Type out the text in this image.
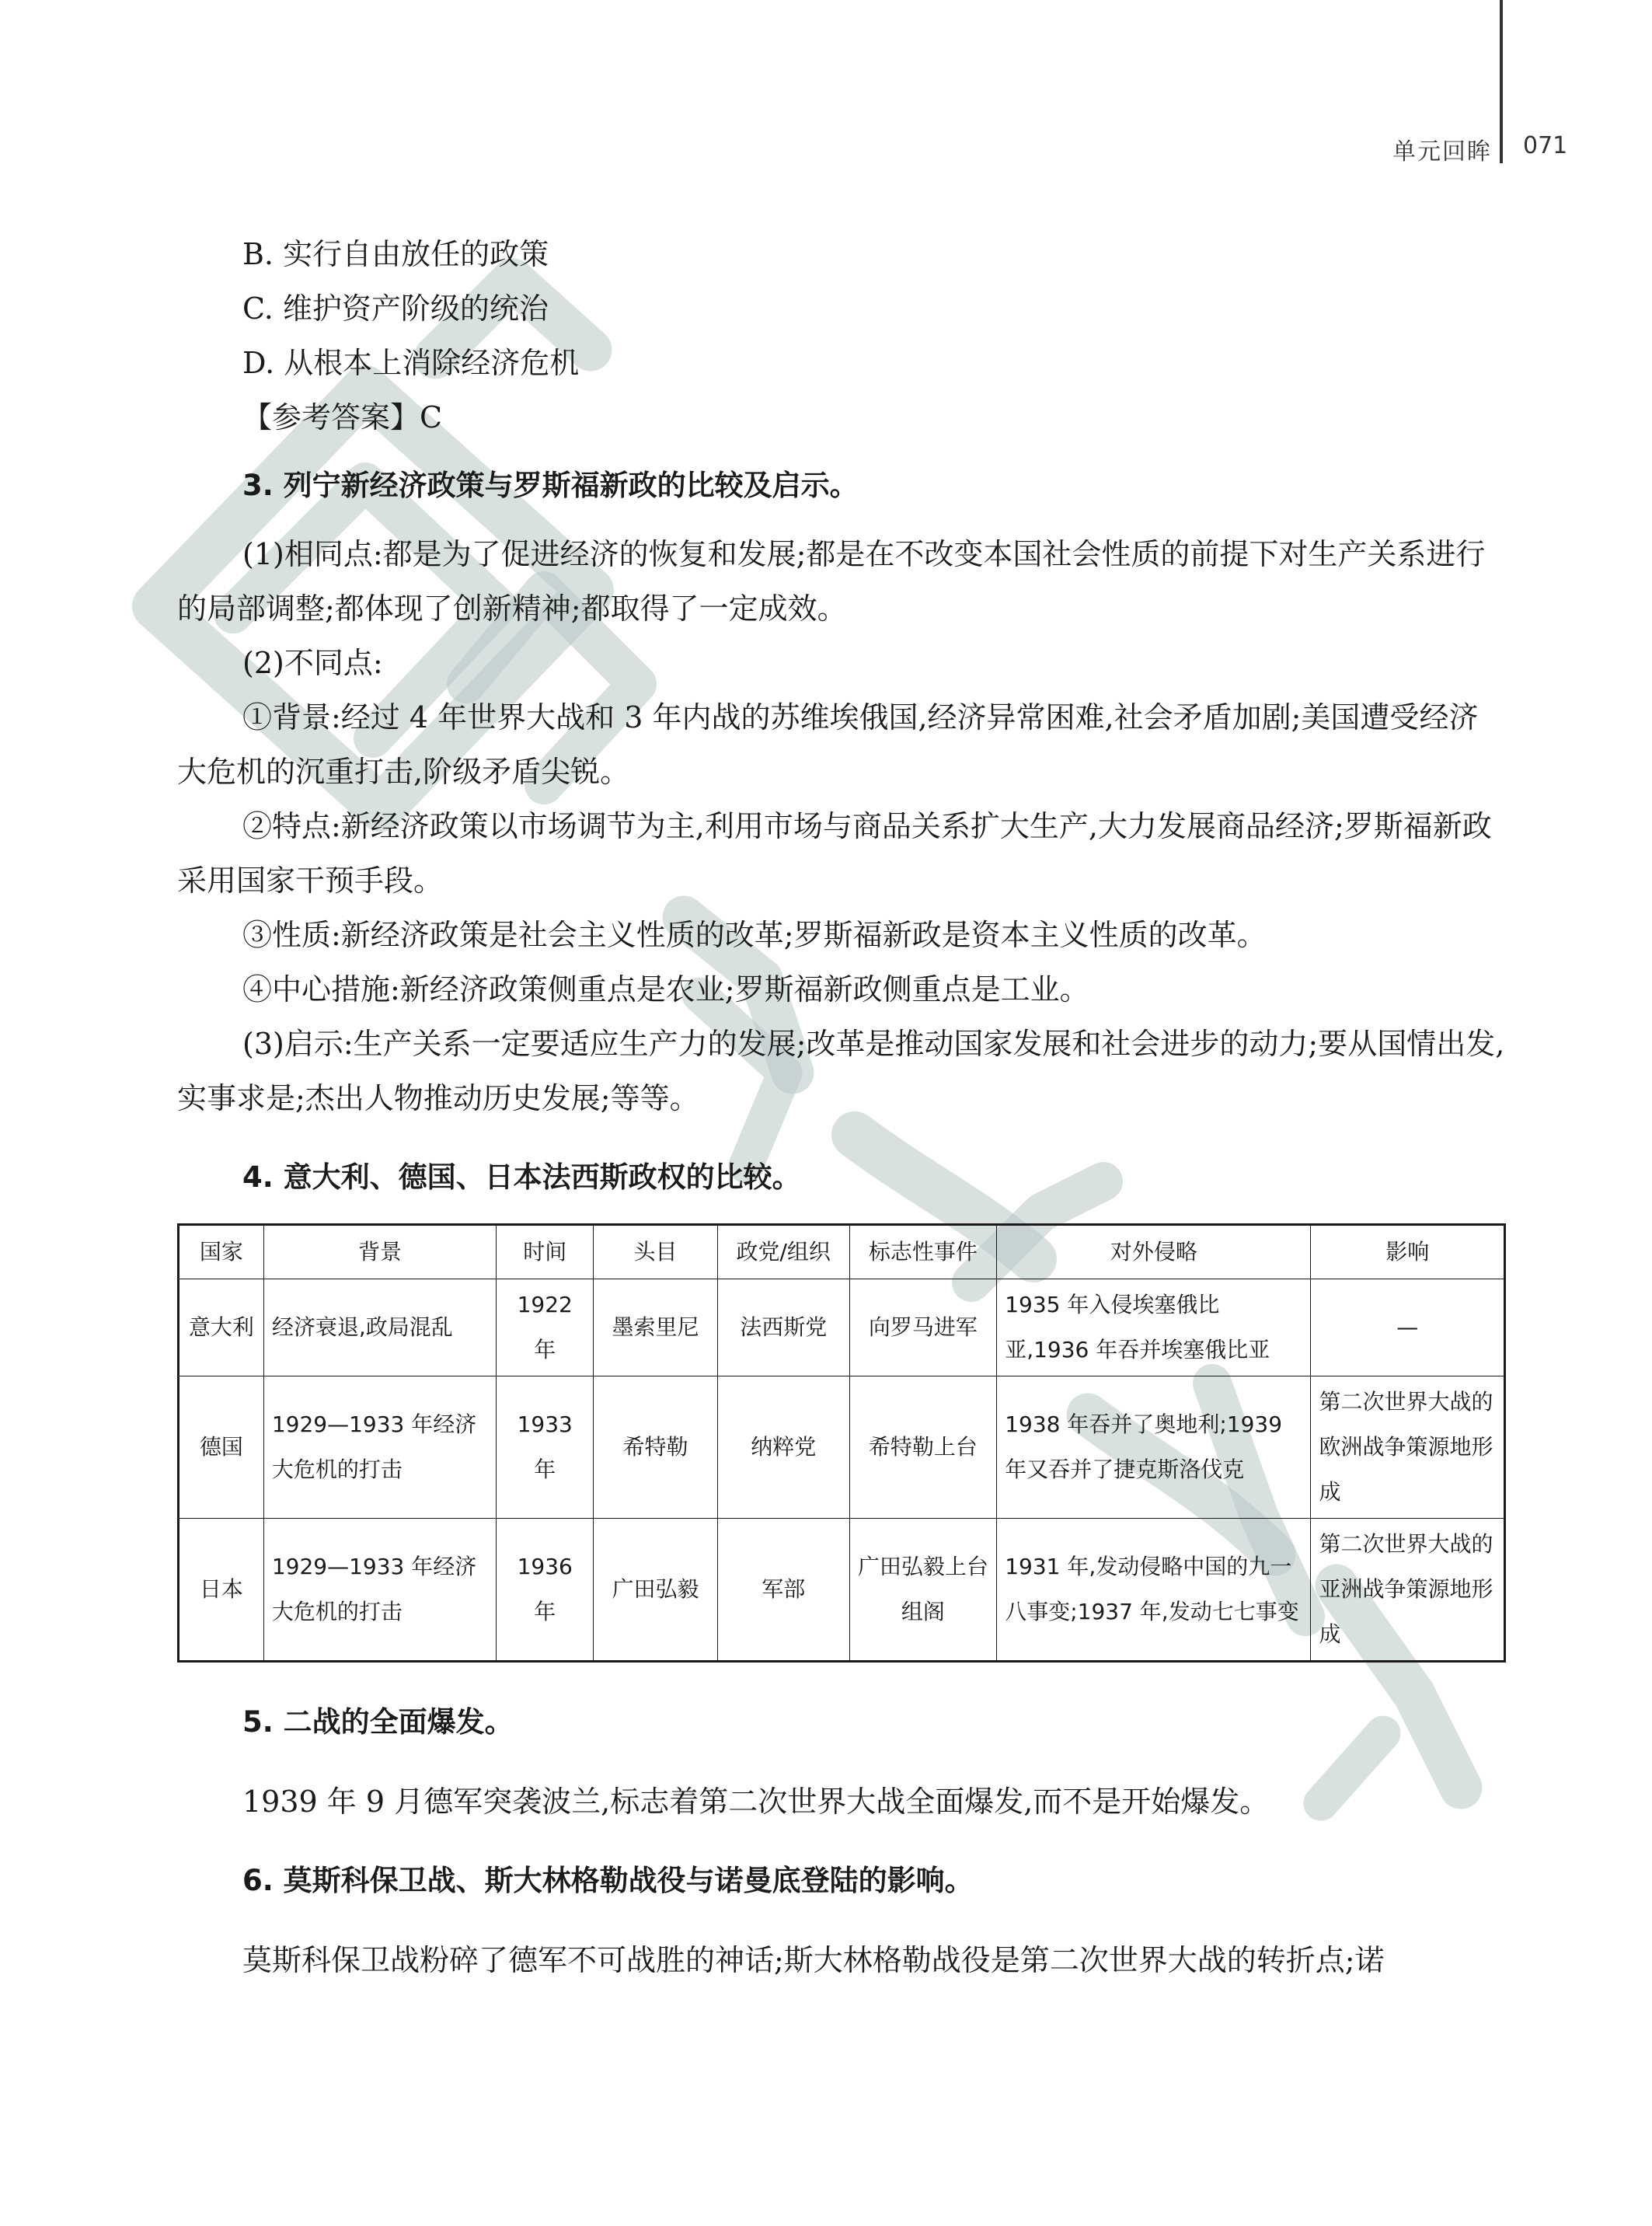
单元回眸 071
B. 实行自由放任的政策
C. 维护资产阶级的统治
D. 从根本上消除经济危机
【参考答案】C
3. 列宁新经济政策与罗斯福新政的比较及启示。
(1)相同点:都是为了促进经济的恢复和发展;都是在不改变本国社会性质的前提下对生产关系进行的局部调整;都体现了创新精神;都取得了一定成效。
(2)不同点:
①背景:经过 4 年世界大战和 3 年内战的苏维埃俄国,经济异常困难,社会矛盾加剧;美国遭受经济大危机的沉重打击,阶级矛盾尖锐。
②特点:新经济政策以市场调节为主,利用市场与商品关系扩大生产,大力发展商品经济;罗斯福新政采用国家干预手段。
③性质:新经济政策是社会主义性质的改革;罗斯福新政是资本主义性质的改革。
④中心措施:新经济政策侧重点是农业;罗斯福新政侧重点是工业。
(3)启示:生产关系一定要适应生产力的发展;改革是推动国家发展和社会进步的动力;要从国情出发,实事求是;杰出人物推动历史发展;等等。
4. 意大利、德国、日本法西斯政权的比较。
国家	背景	时间	头目	政党/组织	标志性事件	对外侵略	影响
意大利	经济衰退,政局混乱	1922 年	墨索里尼	法西斯党	向罗马进军	1935 年入侵埃塞俄比亚,1936 年吞并埃塞俄比亚	—
德国	1929—1933 年经济大危机的打击	1933 年	希特勒	纳粹党	希特勒上台	1938 年吞并了奥地利;1939 年又吞并了捷克斯洛伐克	第二次世界大战的欧洲战争策源地形成
日本	1929—1933 年经济大危机的打击	1936 年	广田弘毅	军部	广田弘毅上台组阁	1931 年,发动侵略中国的九一八事变;1937 年,发动七七事变	第二次世界大战的亚洲战争策源地形成
5. 二战的全面爆发。
1939 年 9 月德军突袭波兰,标志着第二次世界大战全面爆发,而不是开始爆发。
6. 莫斯科保卫战、斯大林格勒战役与诺曼底登陆的影响。
莫斯科保卫战粉碎了德军不可战胜的神话;斯大林格勒战役是第二次世界大战的转折点;诺
